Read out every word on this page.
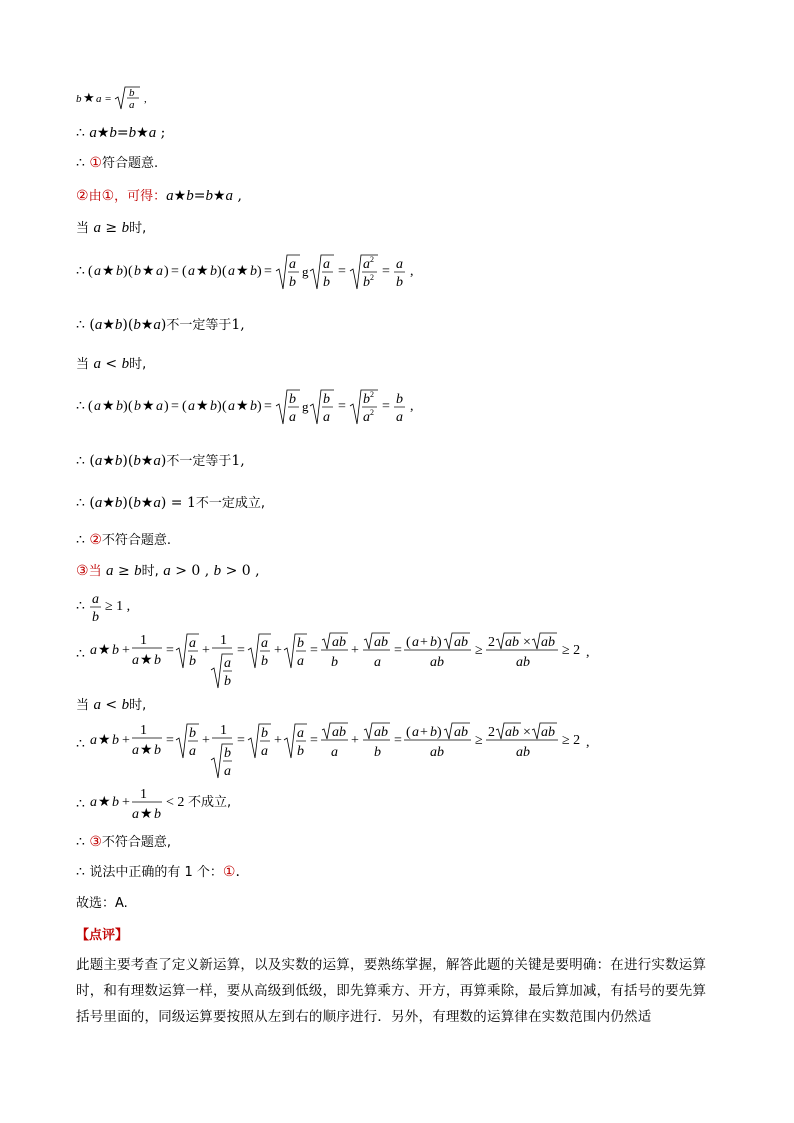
b ★ a = b
a ,
∴ a★b=b★a ;
∴ ①符合题意.
②由①，可得：a★b=b★a ,
当 a ≥ b时,
∴ ( a ★ b ) ( b ★ a ) = ( a ★ b ) ( a ★ b ) = a
b
g a
b
= a 2
b 2 = a
b
,
∴ (a★b)(b★a)不一定等于1,
当 a < b时,
∴ ( a ★ b ) ( b ★ a ) = ( a ★ b ) ( a ★ b ) = b
a
g b
a
= b 2
a 2 = b
a
,
∴ (a★b)(b★a)不一定等于1,
∴ (a★b)(b★a) = 1不一定成立,
∴ ②不符合题意.
③当 a ≥ b时, a > 0 , b > 0 ,
∴ a
b
≥ 1 ,
∴ a ★ b +
1
a ★ b
= a
b
+
1
a
b
= a
b
+ b
a
=
ab
b
+
ab
a
=
( a + b ) ab
ab
≥
2 ab × ab
ab
≥ 2 ,
当 a < b时,
∴ a ★ b +
1
a ★ b
= b
a
+
1
b
a
= b
a
+ a
b
=
ab
a
+
ab
b
=
( a + b ) ab
ab
≥
2 ab × ab
ab
≥ 2 ,
∴ a ★ b +
1
a ★ b
< 2 不成立,
∴ ③不符合题意,
∴ 说法中正确的有 1 个：①.
故选：A.
【点评】
此题主要考查了定义新运算，以及实数的运算，要熟练掌握，解答此题的关键是要明确：在进行实数运算时，和有理数运算一样，要从高级到低级，即先算乘方、开方，再算乘除，最后算加减，有括号的要先算括号里面的，同级运算要按照从左到右的顺序进行．另外，有理数的运算律在实数范围内仍然适
